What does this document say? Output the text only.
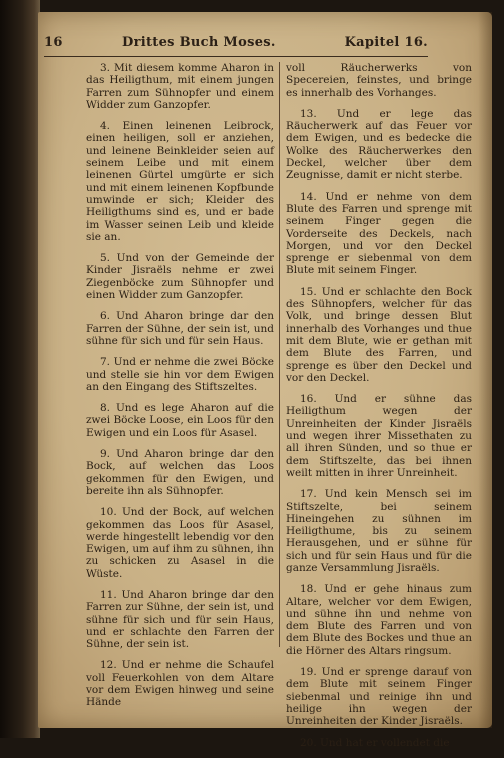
16	Drittes Buch Moses.	Kapitel 16.

3. Mit diesem komme Aharon in das Heiligthum, mit einem jungen Farren zum Sühnopfer und einem Widder zum Ganzopfer.

4. Einen leinenen Leibrock, einen heiligen, soll er anziehen, und leinene Beinkleider seien auf seinem Leibe und mit einem leinenen Gürtel umgürte er sich und mit einem leinenen Kopfbunde umwinde er sich; Kleider des Heiligthums sind es, und er bade im Wasser seinen Leib und kleide sie an.

5. Und von der Gemeinde der Kinder Jisraëls nehme er zwei Ziegenböcke zum Sühnopfer und einen Widder zum Ganzopfer.

6. Und Aharon bringe dar den Farren der Sühne, der sein ist, und sühne für sich und für sein Haus.

7. Und er nehme die zwei Böcke und stelle sie hin vor dem Ewigen an den Eingang des Stiftszeltes.

8. Und es lege Aharon auf die zwei Böcke Loose, ein Loos für den Ewigen und ein Loos für Asasel.

9. Und Aharon bringe dar den Bock, auf welchen das Loos gekommen für den Ewigen, und bereite ihn als Sühnopfer.

10. Und der Bock, auf welchen gekommen das Loos für Asasel, werde hingestellt lebendig vor den Ewigen, um auf ihm zu sühnen, ihn zu schicken zu Asasel in die Wüste.

11. Und Aharon bringe dar den Farren zur Sühne, der sein ist, und sühne für sich und für sein Haus, und er schlachte den Farren der Sühne, der sein ist.

12. Und er nehme die Schaufel voll Feuerkohlen von dem Altare vor dem Ewigen hinweg und seine Hände

voll Räucherwerks von Specereien, feinstes, und bringe es innerhalb des Vorhanges.

13. Und er lege das Räucherwerk auf das Feuer vor dem Ewigen, und es bedecke die Wolke des Räucherwerkes den Deckel, welcher über dem Zeugnisse, damit er nicht sterbe.

14. Und er nehme von dem Blute des Farren und sprenge mit seinem Finger gegen die Vorderseite des Deckels, nach Morgen, und vor den Deckel sprenge er siebenmal von dem Blute mit seinem Finger.

15. Und er schlachte den Bock des Sühnopfers, welcher für das Volk, und bringe dessen Blut innerhalb des Vorhanges und thue mit dem Blute, wie er gethan mit dem Blute des Farren, und sprenge es über den Deckel und vor den Deckel.

16. Und er sühne das Heiligthum wegen der Unreinheiten der Kinder Jisraëls und wegen ihrer Missethaten zu all ihren Sünden, und so thue er dem Stiftszelte, das bei ihnen weilt mitten in ihrer Unreinheit.

17. Und kein Mensch sei im Stiftszelte, bei seinem Hineingehen zu sühnen im Heiligthume, bis zu seinem Herausgehen, und er sühne für sich und für sein Haus und für die ganze Versammlung Jisraëls.

18. Und er gehe hinaus zum Altare, welcher vor dem Ewigen, und sühne ihn und nehme von dem Blute des Farren und von dem Blute des Bockes und thue an die Hörner des Altars ringsum.

19. Und er sprenge darauf von dem Blute mit seinem Finger siebenmal und reinige ihn und heilige ihn wegen der Unreinheiten der Kinder Jisraëls.

20. Und hat er vollendet die
